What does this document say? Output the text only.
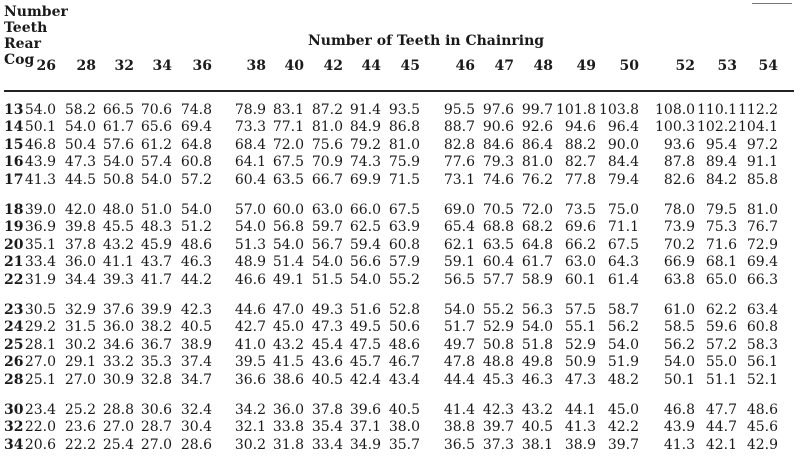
Number
Teeth
Rear
Cog
Number of Teeth in Chainring
26	28	32	34	36	38	40	42	44	45	46	47	48	49	50	52	53	54
13 54.0 58.2 66.5 70.6 74.8	78.9 83.1 87.2 91.4 93.5	95.5 97.6 99.7 101.8 103.8 108.0 110.1 112.2
14 50.1 54.0 61.7 65.6 69.4	73.3 77.1 81.0 84.9 86.8	88.7 90.6 92.6 94.6 96.4 100.3 102.2 104.1
15 46.8 50.4 57.6 61.2 64.8	68.4 72.0 75.6 79.2 81.0	82.8 84.6 86.4 88.2 90.0	93.6 95.4 97.2
16 43.9 47.3 54.0 57.4 60.8	64.1 67.5 70.9 74.3 75.9	77.6 79.3 81.0 82.7 84.4	87.8 89.4 91.1
17 41.3 44.5 50.8 54.0 57.2	60.4 63.5 66.7 69.9 71.5	73.1 74.6 76.2 77.8 79.4	82.6 84.2 85.8
18 39.0 42.0 48.0 51.0 54.0	57.0 60.0 63.0 66.0 67.5	69.0 70.5 72.0 73.5 75.0	78.0 79.5 81.0
19 36.9 39.8 45.5 48.3 51.2	54.0 56.8 59.7 62.5 63.9	65.4 68.8 68.2 69.6 71.1	73.9 75.3 76.7
20 35.1 37.8 43.2 45.9 48.6	51.3 54.0 56.7 59.4 60.8	62.1 63.5 64.8 66.2 67.5	70.2 71.6 72.9
21 33.4 36.0 41.1 43.7 46.3	48.9 51.4 54.0 56.6 57.9	59.1 60.4 61.7 63.0 64.3	66.9 68.1 69.4
22 31.9 34.4 39.3 41.7 44.2	46.6 49.1 51.5 54.0 55.2	56.5 57.7 58.9 60.1 61.4	63.8 65.0 66.3
23 30.5 32.9 37.6 39.9 42.3	44.6 47.0 49.3 51.6 52.8	54.0 55.2 56.3 57.5 58.7	61.0 62.2 63.4
24 29.2 31.5 36.0 38.2 40.5	42.7 45.0 47.3 49.5 50.6	51.7 52.9 54.0 55.1 56.2	58.5 59.6 60.8
25 28.1 30.2 34.6 36.7 38.9	41.0 43.2 45.4 47.5 48.6	49.7 50.8 51.8 52.9 54.0	56.2 57.2 58.3
26 27.0 29.1 33.2 35.3 37.4	39.5 41.5 43.6 45.7 46.7	47.8 48.8 49.8 50.9 51.9	54.0 55.0 56.1
28 25.1 27.0 30.9 32.8 34.7	36.6 38.6 40.5 42.4 43.4	44.4 45.3 46.3 47.3 48.2	50.1 51.1 52.1
30 23.4 25.2 28.8 30.6 32.4	34.2 36.0 37.8 39.6 40.5	41.4 42.3 43.2 44.1 45.0	46.8 47.7 48.6
32 22.0 23.6 27.0 28.7 30.4	32.1 33.8 35.4 37.1 38.0	38.8 39.7 40.5 41.3 42.2	43.9 44.7 45.6
34 20.6 22.2 25.4 27.0 28.6	30.2 31.8 33.4 34.9 35.7	36.5 37.3 38.1 38.9 39.7	41.3 42.1 42.9
